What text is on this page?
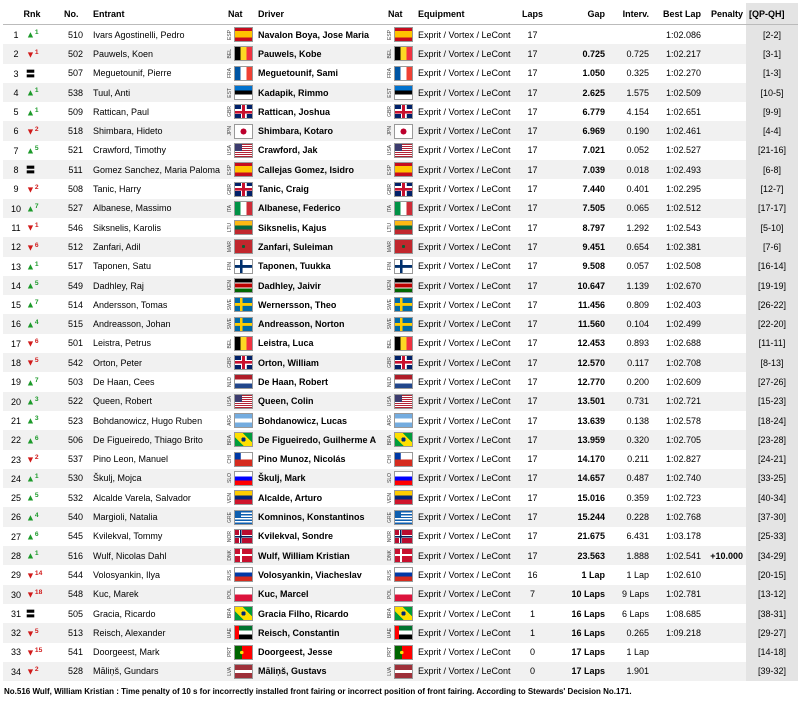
Rnk	No.	Entrant	Nat	Driver	Nat	Equipment	Laps	Gap	Interv.	Best Lap	Penalty	[QP-QH]
1 ▲$^1$	510	Ivars Agostinelli, Pedro	ESP	Navalon Boya, Jose Maria	ESP	Exprit / Vortex / LeCont	17			1:02.086		[2-2]
2 ▼$^1$	502	Pauwels, Koen	BEL	Pauwels, Kobe	BEL	Exprit / Vortex / LeCont	17	0.725	0.725	1:02.217		[3-1]
3 〓	507	Meguetounif, Pierre	FRA	Meguetounif, Sami	FRA	Exprit / Vortex / LeCont	17	1.050	0.325	1:02.270		[1-3]
4 ▲$^1$	538	Tuul, Anti	EST	Kadapik, Rimmo	EST	Exprit / Vortex / LeCont	17	2.625	1.575	1:02.509		[10-5]
5 ▲$^1$	509	Rattican, Paul	GBR	Rattican, Joshua	GBR	Exprit / Vortex / LeCont	17	6.779	4.154	1:02.651		[9-9]
6 ▼$^2$	518	Shimbara, Hideto	JPN	Shimbara, Kotaro	JPN	Exprit / Vortex / LeCont	17	6.969	0.190	1:02.461		[4-4]
7 ▲$^5$	521	Crawford, Timothy	USA	Crawford, Jak	USA	Exprit / Vortex / LeCont	17	7.021	0.052	1:02.527		[21-16]
8 〓	511	Gomez Sanchez, Maria Paloma	ESP	Callejas Gomez, Isidro	ESP	Exprit / Vortex / LeCont	17	7.039	0.018	1:02.493		[6-8]
9 ▼$^2$	508	Tanic, Harry	GBR	Tanic, Craig	GBR	Exprit / Vortex / LeCont	17	7.440	0.401	1:02.295		[12-7]
10 ▲$^7$	527	Albanese, Massimo	ITA	Albanese, Federico	ITA	Exprit / Vortex / LeCont	17	7.505	0.065	1:02.512		[17-17]
11 ▼$^1$	546	Siksnelis, Karolis	LTU	Siksnelis, Kajus	LTU	Exprit / Vortex / LeCont	17	8.797	1.292	1:02.543		[5-10]
12 ▼$^6$	512	Zanfari, Adil	MAR	Zanfari, Suleiman	MAR	Exprit / Vortex / LeCont	17	9.451	0.654	1:02.381		[7-6]
13 ▲$^1$	517	Taponen, Satu	FIN	Taponen, Tuukka	FIN	Exprit / Vortex / LeCont	17	9.508	0.057	1:02.508		[16-14]
14 ▲$^5$	549	Dadhley, Raj	KEN	Dadhley, Jaivir	KEN	Exprit / Vortex / LeCont	17	10.647	1.139	1:02.670		[19-19]
15 ▲$^7$	514	Andersson, Tomas	SWE	Wernersson, Theo	SWE	Exprit / Vortex / LeCont	17	11.456	0.809	1:02.403		[26-22]
16 ▲$^4$	515	Andreasson, Johan	SWE	Andreasson, Norton	SWE	Exprit / Vortex / LeCont	17	11.560	0.104	1:02.499		[22-20]
17 ▼$^6$	501	Leistra, Petrus	BEL	Leistra, Luca	BEL	Exprit / Vortex / LeCont	17	12.453	0.893	1:02.688		[11-11]
18 ▼$^5$	542	Orton, Peter	GBR	Orton, William	GBR	Exprit / Vortex / LeCont	17	12.570	0.117	1:02.708		[8-13]
19 ▲$^7$	503	De Haan, Cees	NLD	De Haan, Robert	NLD	Exprit / Vortex / LeCont	17	12.770	0.200	1:02.609		[27-26]
20 ▲$^3$	522	Queen, Robert	USA	Queen, Colin	USA	Exprit / Vortex / LeCont	17	13.501	0.731	1:02.721		[15-23]
21 ▲$^3$	523	Bohdanowicz, Hugo Ruben	ARG	Bohdanowicz, Lucas	ARG	Exprit / Vortex / LeCont	17	13.639	0.138	1:02.578		[18-24]
22 ▲$^6$	506	De Figueiredo, Thiago Brito	BRA	De Figueiredo, Guilherme A	BRA	Exprit / Vortex / LeCont	17	13.959	0.320	1:02.705		[23-28]
23 ▼$^2$	537	Pino Leon, Manuel	CHI	Pino Munoz, Nicolás	CHI	Exprit / Vortex / LeCont	17	14.170	0.211	1:02.827		[24-21]
24 ▲$^1$	530	Škulj, Mojca	SLO	Škulj, Mark	SLO	Exprit / Vortex / LeCont	17	14.657	0.487	1:02.740		[33-25]
25 ▲$^5$	532	Alcalde Varela, Salvador	VEN	Alcalde, Arturo	VEN	Exprit / Vortex / LeCont	17	15.016	0.359	1:02.723		[40-34]
26 ▲$^4$	540	Margioli, Natalia	GRE	Komninos, Konstantinos	GRE	Exprit / Vortex / LeCont	17	15.244	0.228	1:02.768		[37-30]
27 ▲$^6$	545	Kvilekval, Tommy	NOR	Kvilekval, Sondre	NOR	Exprit / Vortex / LeCont	17	21.675	6.431	1:03.178		[25-33]
28 ▲$^1$	516	Wulf, Nicolas Dahl	DNK	Wulf, William Kristian	DNK	Exprit / Vortex / LeCont	17	23.563	1.888	1:02.541	+10.000	[34-29]
29 ▼$^{14}$	544	Volosyankin, Ilya	RUS	Volosyankin, Viacheslav	RUS	Exprit / Vortex / LeCont	16	1 Lap	1 Lap	1:02.610		[20-15]
30 ▼$^{18}$	548	Kuc, Marek	POL	Kuc, Marcel	POL	Exprit / Vortex / LeCont	7	10 Laps	9 Laps	1:02.781		[13-12]
31 〓	505	Gracia, Ricardo	BRA	Gracia Filho, Ricardo	BRA	Exprit / Vortex / LeCont	1	16 Laps	6 Laps	1:08.685		[38-31]
32 ▼$^5$	513	Reisch, Alexander	UAE	Reisch, Constantin	UAE	Exprit / Vortex / LeCont	1	16 Laps	0.265	1:09.218		[29-27]
33 ▼$^{15}$	541	Doorgeest, Mark	PRT	Doorgeest, Jesse	PRT	Exprit / Vortex / LeCont	0	17 Laps	1 Lap			[14-18]
34 ▼$^2$	528	Māliņš, Gundars	LVA	Māliņš, Gustavs	LVA	Exprit / Vortex / LeCont	0	17 Laps	1.901			[39-32]
No.516 Wulf, William Kristian : Time penalty of 10 s for incorrectly installed front fairing or incorrect position of front fairing. According to Stewards' Decision No.171.
